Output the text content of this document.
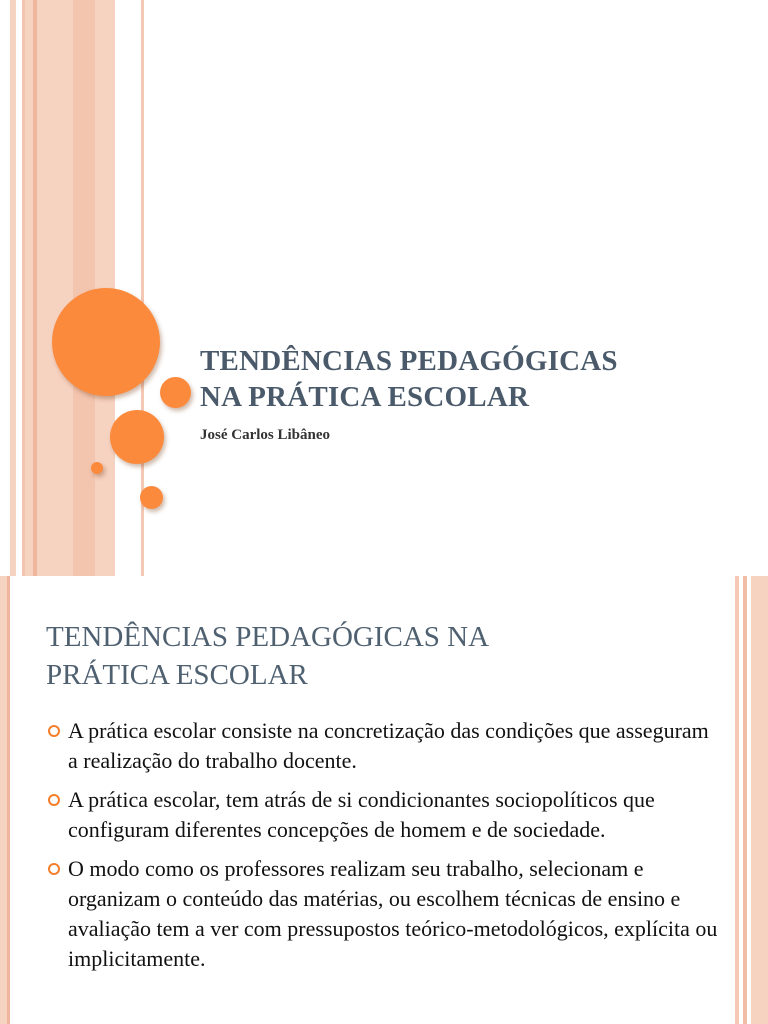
TENDÊNCIAS PEDAGÓGICAS
NA PRÁTICA ESCOLAR

José Carlos Libâneo

TENDÊNCIAS PEDAGÓGICAS NA
PRÁTICA ESCOLAR
A prática escolar consiste na concretização das condições que asseguram a realização do trabalho docente.
A prática escolar, tem atrás de si condicionantes sociopolíticos que configuram diferentes concepções de homem e de sociedade.
O modo como os professores realizam seu trabalho, selecionam e organizam o conteúdo das matérias, ou escolhem técnicas de ensino e avaliação tem a ver com pressupostos teórico-metodológicos, explícita ou implicitamente.
